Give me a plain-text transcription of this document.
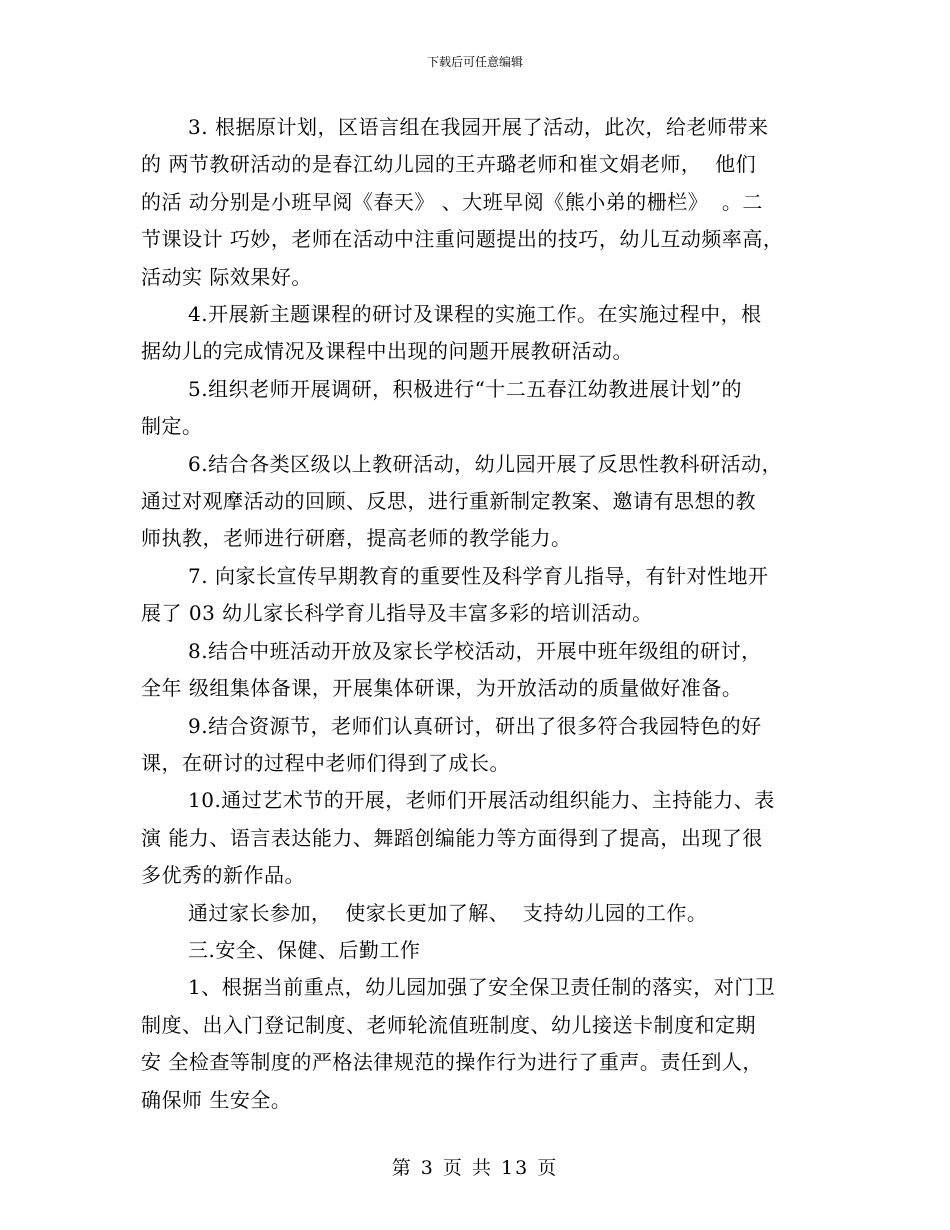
下载后可任意编辑

3. 根据原计划，区语言组在我园开展了活动，此次，给老师带来
的 两节教研活动的是春江幼儿园的王卉璐老师和崔文娟老师，  他们
的活 动分别是小班早阅《春天》 、大班早阅《熊小弟的栅栏》  。二
节课设计 巧妙，老师在活动中注重问题提出的技巧，幼儿互动频率高，
活动实 际效果好。

4.开展新主题课程的研讨及课程的实施工作。在实施过程中，根
据幼儿的完成情况及课程中出现的问题开展教研活动。

5.组织老师开展调研，积极进行“十二五春江幼教进展计划”的
制定。

6.结合各类区级以上教研活动，幼儿园开展了反思性教科研活动，
通过对观摩活动的回顾、反思，进行重新制定教案、邀请有思想的教
师执教，老师进行研磨，提高老师的教学能力。

7. 向家长宣传早期教育的重要性及科学育儿指导，有针对性地开
展了 03 幼儿家长科学育儿指导及丰富多彩的培训活动。

8.结合中班活动开放及家长学校活动，开展中班年级组的研讨，
全年 级组集体备课，开展集体研课，为开放活动的质量做好准备。

9.结合资源节，老师们认真研讨，研出了很多符合我园特色的好
课，在研讨的过程中老师们得到了成长。

10.通过艺术节的开展，老师们开展活动组织能力、主持能力、表
演 能力、语言表达能力、舞蹈创编能力等方面得到了提高，出现了很
多优秀的新作品。

通过家长参加，  使家长更加了解、  支持幼儿园的工作。

三.安全、保健、后勤工作

1、根据当前重点，幼儿园加强了安全保卫责任制的落实，对门卫
制度、出入门登记制度、老师轮流值班制度、幼儿接送卡制度和定期
安 全检查等制度的严格法律规范的操作行为进行了重声。责任到人，
确保师 生安全。

第 3 页 共 13 页
